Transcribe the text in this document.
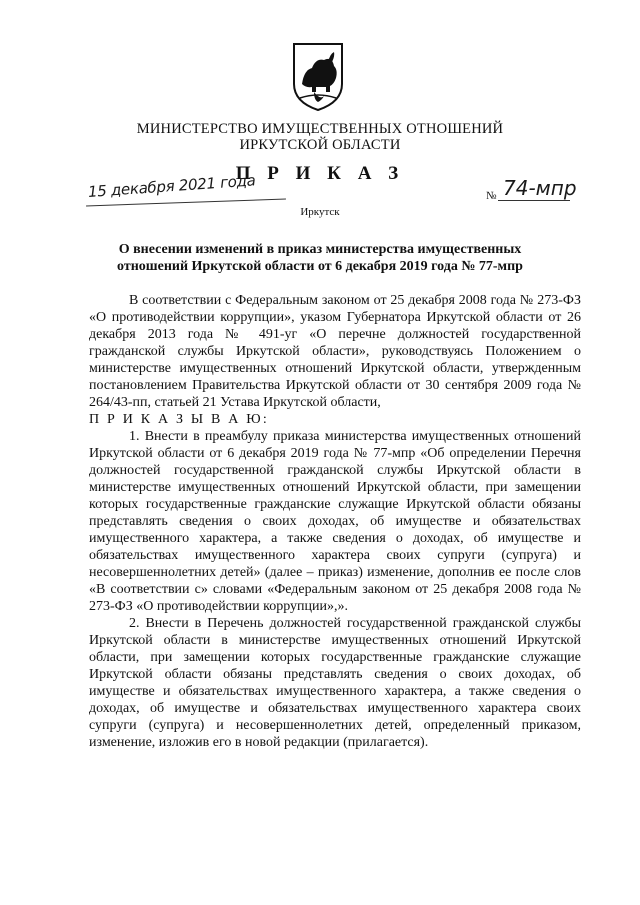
МИНИСТЕРСТВО ИМУЩЕСТВЕННЫХ ОТНОШЕНИЙ
ИРКУТСКОЙ ОБЛАСТИ
П Р И К А З
15 декабря 2021 года	№ 74-мпр
Иркутск
О внесении изменений в приказ министерства имущественных
отношений Иркутской области от 6 декабря 2019 года № 77-мпр

В соответствии с Федеральным законом от 25 декабря 2008 года № 273-ФЗ «О противодействии коррупции», указом Губернатора Иркутской области от 26 декабря 2013 года № 491-уг «О перечне должностей государственной гражданской службы Иркутской области», руководствуясь Положением о министерстве имущественных отношений Иркутской области, утвержденным постановлением Правительства Иркутской области от 30 сентября 2009 года № 264/43-пп, статьей 21 Устава Иркутской области,

П Р И К А З Ы В А Ю:

1. Внести в преамбулу приказа министерства имущественных отношений Иркутской области от 6 декабря 2019 года № 77-мпр «Об определении Перечня должностей государственной гражданской службы Иркутской области в министерстве имущественных отношений Иркутской области, при замещении которых государственные гражданские служащие Иркутской области обязаны представлять сведения о своих доходах, об имуществе и обязательствах имущественного характера, а также сведения о доходах, об имуществе и обязательствах имущественного характера своих супруги (супруга) и несовершеннолетних детей» (далее – приказ) изменение, дополнив ее после слов «В соответствии с» словами «Федеральным законом от 25 декабря 2008 года № 273-ФЗ «О противодействии коррупции»,».

2. Внести в Перечень должностей государственной гражданской службы Иркутской области в министерстве имущественных отношений Иркутской области, при замещении которых государственные гражданские служащие Иркутской области обязаны представлять сведения о своих доходах, об имуществе и обязательствах имущественного характера, а также сведения о доходах, об имуществе и обязательствах имущественного характера своих супруги (супруга) и несовершеннолетних детей, определенный приказом, изменение, изложив его в новой редакции (прилагается).
